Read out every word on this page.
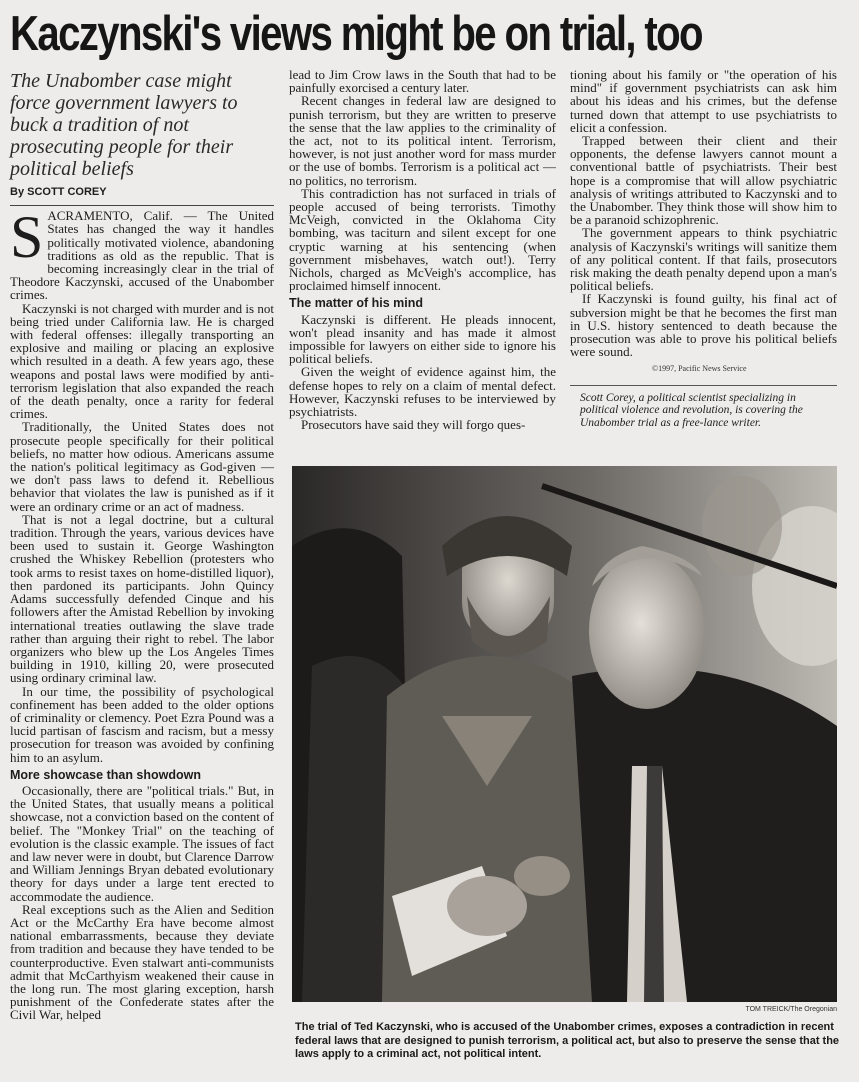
Kaczynski's views might be on trial, too
The Unabomber case might force government lawyers to buck a tradition of not prosecuting people for their political beliefs
By SCOTT COREY

SACRAMENTO, Calif. — The United States has changed the way it handles politically motivated violence, abandoning traditions as old as the republic. That is becoming increasingly clear in the trial of Theodore Kaczynski, accused of the Unabomber crimes.

Kaczynski is not charged with murder and is not being tried under California law. He is charged with federal offenses: illegally transporting an explosive and mailing or placing an explosive which resulted in a death. A few years ago, these weapons and postal laws were modified by anti-terrorism legislation that also expanded the reach of the death penalty, once a rarity for federal crimes.

Traditionally, the United States does not prosecute people specifically for their political beliefs, no matter how odious. Americans assume the nation's political legitimacy as God-given — we don't pass laws to defend it. Rebellious behavior that violates the law is punished as if it were an ordinary crime or an act of madness.

That is not a legal doctrine, but a cultural tradition. Through the years, various devices have been used to sustain it. George Washington crushed the Whiskey Rebellion (protesters who took arms to resist taxes on home-distilled liquor), then pardoned its participants. John Quincy Adams successfully defended Cinque and his followers after the Amistad Rebellion by invoking international treaties outlawing the slave trade rather than arguing their right to rebel. The labor organizers who blew up the Los Angeles Times building in 1910, killing 20, were prosecuted using ordinary criminal law.

In our time, the possibility of psychological confinement has been added to the older options of criminality or clemency. Poet Ezra Pound was a lucid partisan of fascism and racism, but a messy prosecution for treason was avoided by confining him to an asylum.

More showcase than showdown

Occasionally, there are "political trials." But, in the United States, that usually means a political showcase, not a conviction based on the content of belief. The "Monkey Trial" on the teaching of evolution is the classic example. The issues of fact and law never were in doubt, but Clarence Darrow and William Jennings Bryan debated evolutionary theory for days under a large tent erected to accommodate the audience.

Real exceptions such as the Alien and Sedition Act or the McCarthy Era have become almost national embarrassments, because they deviate from tradition and because they have tended to be counterproductive. Even stalwart anti-communists admit that McCarthyism weakened their cause in the long run. The most glaring exception, harsh punishment of the Confederate states after the Civil War, helped

lead to Jim Crow laws in the South that had to be painfully exorcised a century later.

Recent changes in federal law are designed to punish terrorism, but they are written to preserve the sense that the law applies to the criminality of the act, not to its political intent. Terrorism, however, is not just another word for mass murder or the use of bombs. Terrorism is a political act — no politics, no terrorism.

This contradiction has not surfaced in trials of people accused of being terrorists. Timothy McVeigh, convicted in the Oklahoma City bombing, was taciturn and silent except for one cryptic warning at his sentencing (when government misbehaves, watch out!). Terry Nichols, charged as McVeigh's accomplice, has proclaimed himself innocent.

The matter of his mind

Kaczynski is different. He pleads innocent, won't plead insanity and has made it almost impossible for lawyers on either side to ignore his political beliefs.

Given the weight of evidence against him, the defense hopes to rely on a claim of mental defect. However, Kaczynski refuses to be interviewed by psychiatrists.

Prosecutors have said they will forgo ques-

tioning about his family or "the operation of his mind" if government psychiatrists can ask him about his ideas and his crimes, but the defense turned down that attempt to use psychiatrists to elicit a confession.

Trapped between their client and their opponents, the defense lawyers cannot mount a conventional battle of psychiatrists. Their best hope is a compromise that will allow psychiatric analysis of writings attributed to Kaczynski and to the Unabomber. They think those will show him to be a paranoid schizophrenic.

The government appears to think psychiatric analysis of Kaczynski's writings will sanitize them of any political content. If that fails, prosecutors risk making the death penalty depend upon a man's political beliefs.

If Kaczynski is found guilty, his final act of subversion might be that he becomes the first man in U.S. history sentenced to death because the prosecution was able to prove his political beliefs were sound.

©1997, Pacific News Service

Scott Corey, a political scientist specializing in political violence and revolution, is covering the Unabomber trial as a free-lance writer.
TOM TREICK/The Oregonian
The trial of Ted Kaczynski, who is accused of the Unabomber crimes, exposes a contradiction in recent federal laws that are designed to punish terrorism, a political act, but also to preserve the sense that the laws apply to a criminal act, not political intent.
